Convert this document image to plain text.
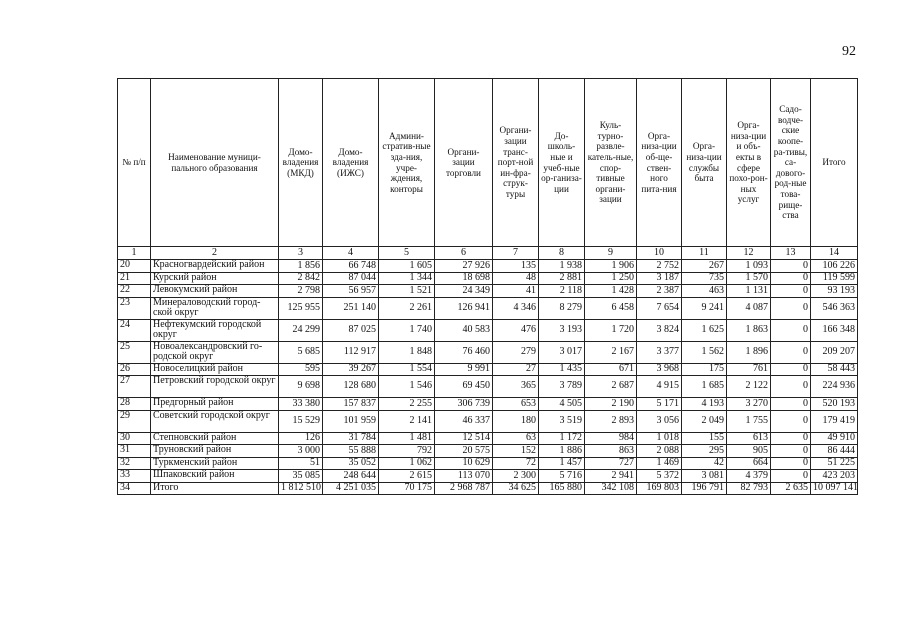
92
№ п/п	Наименование муници-пального образования	Домо-владения (МКД)	Домо-владения (ИЖС)	Админи-стратив-ные зда-ния, учре-ждения, конторы	Органи-зации торговли	Органи-зации транс-порт-ной ин-фра-струк-туры	До-школь-ные и учеб-ные ор-ганиза-ции	Куль-турно-развле-катель-ные, спор-тивные органи-зации	Орга-низа-ции об-ще-ствен-ного пита-ния	Орга-низа-ции службы быта	Орга-низа-ции и объ-екты в сфере похо-рон-ных услуг	Садо-водче-ские коопе-ра-тивы, са-дового-род-ные това-рище-ства	Итого
1	2	3	4	5	6	7	8	9	10	11	12	13	14
20	Красногвардейский район	1 856	66 748	1 605	27 926	135	1 938	1 906	2 752	267	1 093	0	106 226
21	Курский район	2 842	87 044	1 344	18 698	48	2 881	1 250	3 187	735	1 570	0	119 599
22	Левокумский район	2 798	56 957	1 521	24 349	41	2 118	1 428	2 387	463	1 131	0	93 193
23	Минераловодский город-ской округ	125 955	251 140	2 261	126 941	4 346	8 279	6 458	7 654	9 241	4 087	0	546 363
24	Нефтекумский городской округ	24 299	87 025	1 740	40 583	476	3 193	1 720	3 824	1 625	1 863	0	166 348
25	Новоалександровский го-родской округ	5 685	112 917	1 848	76 460	279	3 017	2 167	3 377	1 562	1 896	0	209 207
26	Новоселицкий район	595	39 267	1 554	9 991	27	1 435	671	3 968	175	761	0	58 443
27	Петровский городской округ	9 698	128 680	1 546	69 450	365	3 789	2 687	4 915	1 685	2 122	0	224 936
28	Предгорный район	33 380	157 837	2 255	306 739	653	4 505	2 190	5 171	4 193	3 270	0	520 193
29	Советский городской округ	15 529	101 959	2 141	46 337	180	3 519	2 893	3 056	2 049	1 755	0	179 419
30	Степновский район	126	31 784	1 481	12 514	63	1 172	984	1 018	155	613	0	49 910
31	Труновский район	3 000	55 888	792	20 575	152	1 886	863	2 088	295	905	0	86 444
32	Туркменский район	51	35 052	1 062	10 629	72	1 457	727	1 469	42	664	0	51 225
33	Шпаковский район	35 085	248 644	2 615	113 070	2 300	5 716	2 941	5 372	3 081	4 379	0	423 203
34	Итого	1 812 510	4 251 035	70 175	2 968 787	34 625	165 880	342 108	169 803	196 791	82 793	2 635	10 097 141
